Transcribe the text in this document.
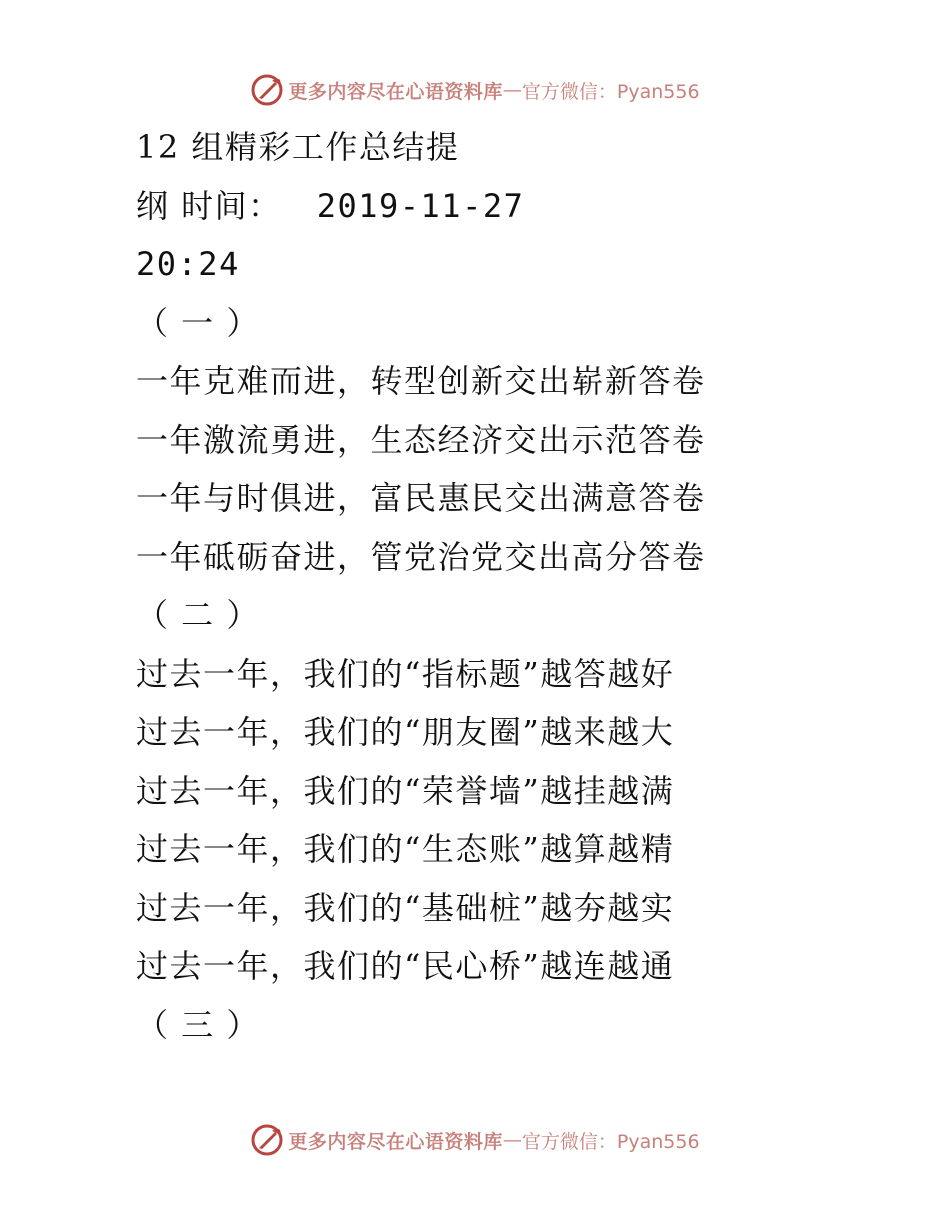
更多内容尽在心语资料库 — 官方微信：Pyan556
12 组精彩工作总结提
纲 时间： 2019-11-27
20:24
（ 一 ）
一年克难而进，转型创新交出崭新答卷
一年激流勇进，生态经济交出示范答卷
一年与时俱进，富民惠民交出满意答卷
一年砥砺奋进，管党治党交出高分答卷
（ 二 ）
过去一年，我们的“指标题”越答越好
过去一年，我们的“朋友圈”越来越大
过去一年，我们的“荣誉墙”越挂越满
过去一年，我们的“生态账”越算越精
过去一年，我们的“基础桩”越夯越实
过去一年，我们的“民心桥”越连越通
（ 三 ）
更多内容尽在心语资料库 — 官方微信：Pyan556
